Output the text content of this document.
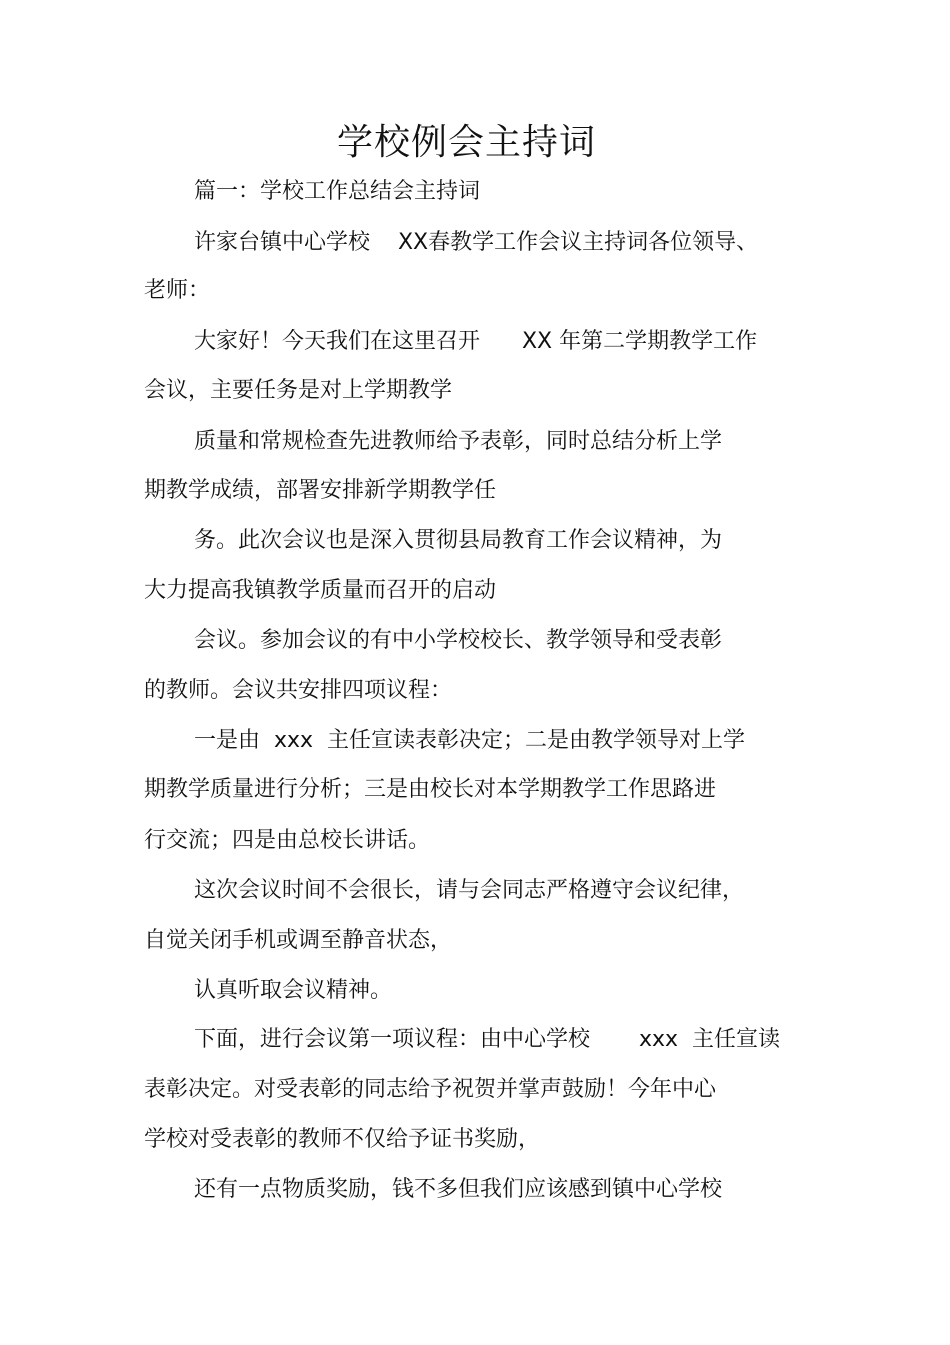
学校例会主持词
篇一：学校工作总结会主持词
许家台镇中心学校    XX春教学工作会议主持词各位领导、
老师：
大家好！今天我们在这里召开      XX 年第二学期教学工作
会议，主要任务是对上学期教学
质量和常规检查先进教师给予表彰，同时总结分析上学
期教学成绩，部署安排新学期教学任
务。此次会议也是深入贯彻县局教育工作会议精神，为
大力提高我镇教学质量而召开的启动
会议。参加会议的有中小学校校长、教学领导和受表彰
的教师。会议共安排四项议程：
一是由  xxx  主任宣读表彰决定；二是由教学领导对上学
期教学质量进行分析；三是由校长对本学期教学工作思路进
行交流；四是由总校长讲话。
这次会议时间不会很长，请与会同志严格遵守会议纪律，
自觉关闭手机或调至静音状态，
认真听取会议精神。
下面，进行会议第一项议程：由中心学校       xxx  主任宣读
表彰决定。对受表彰的同志给予祝贺并掌声鼓励！今年中心
学校对受表彰的教师不仅给予证书奖励，
还有一点物质奖励，钱不多但我们应该感到镇中心学校
